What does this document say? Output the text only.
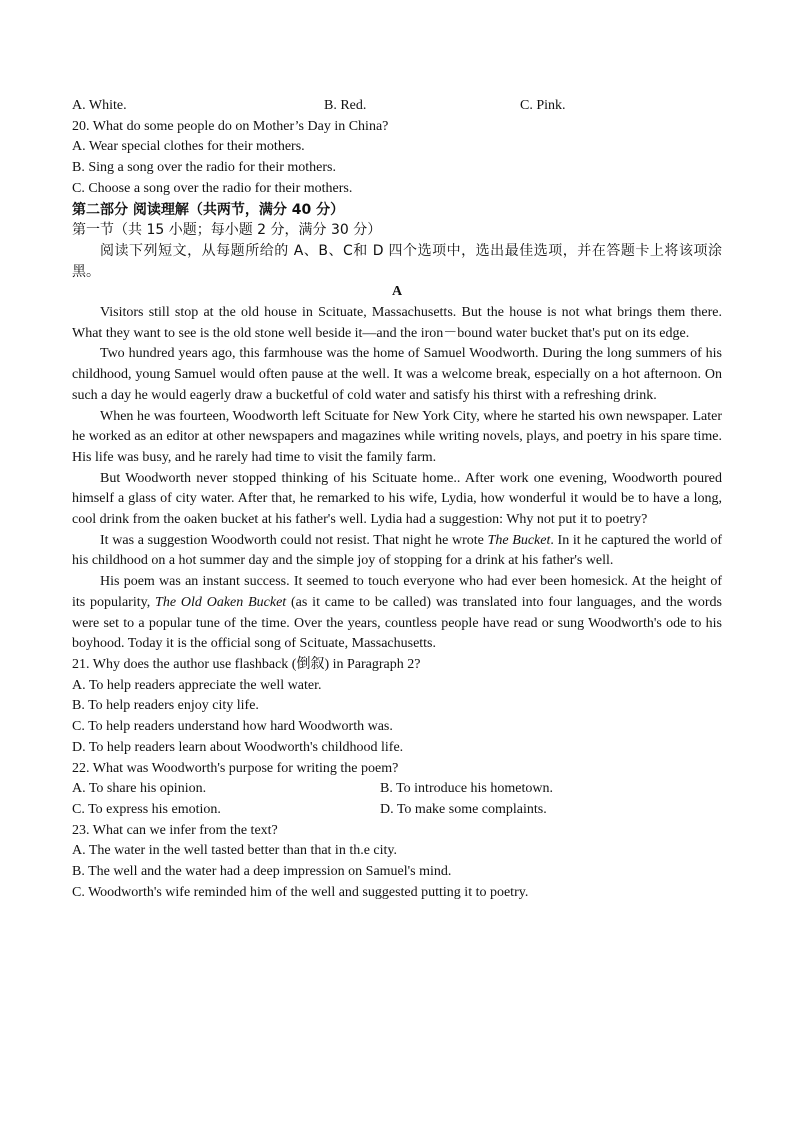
A. White.	B. Red.	C. Pink.
20. What do some people do on Mother’s Day in China?
A. Wear special clothes for their mothers.
B. Sing a song over the radio for their mothers.
C. Choose a song over the radio for their mothers.
第二部分 阅读理解（共两节，满分 40 分）
第一节（共 15 小题；每小题 2 分，满分 30 分）

阅读下列短文，从每题所给的 A、B、C和 D 四个选项中，选出最佳选项，并在答题卡上将该项涂黑。

A

Visitors still stop at the old house in Scituate, Massachusetts. But the house is not what brings them there. What they want to see is the old stone well beside it—and the iron－bound water bucket that's put on its edge.

Two hundred years ago, this farmhouse was the home of Samuel Woodworth. During the long summers of his childhood, young Samuel would often pause at the well. It was a welcome break, especially on a hot afternoon. On such a day he would eagerly draw a bucketful of cold water and satisfy his thirst with a refreshing drink.

When he was fourteen, Woodworth left Scituate for New York City, where he started his own newspaper. Later he worked as an editor at other newspapers and magazines while writing novels, plays, and poetry in his spare time. His life was busy, and he rarely had time to visit the family farm.

But Woodworth never stopped thinking of his Scituate home.. After work one evening, Woodworth poured himself a glass of city water. After that, he remarked to his wife, Lydia, how wonderful it would be to have a long, cool drink from the oaken bucket at his father's well. Lydia had a suggestion: Why not put it to poetry?

It was a suggestion Woodworth could not resist. That night he wrote The Bucket. In it he captured the world of his childhood on a hot summer day and the simple joy of stopping for a drink at his father's well.

His poem was an instant success. It seemed to touch everyone who had ever been homesick. At the height of its popularity, The Old Oaken Bucket (as it came to be called) was translated into four languages, and the words were set to a popular tune of the time. Over the years, countless people have read or sung Woodworth's ode to his boyhood. Today it is the official song of Scituate, Massachusetts.

21. Why does the author use flashback (倒叙) in Paragraph 2?
A. To help readers appreciate the well water.
B. To help readers enjoy city life.
C. To help readers understand how hard Woodworth was.
D. To help readers learn about Woodworth's childhood life.
22. What was Woodworth's purpose for writing the poem?
A. To share his opinion.	B. To introduce his hometown.
C. To express his emotion.	D. To make some complaints.
23. What can we infer from the text?
A. The water in the well tasted better than that in th.e city.
B. The well and the water had a deep impression on Samuel's mind.
C. Woodworth's wife reminded him of the well and suggested putting it to poetry.
